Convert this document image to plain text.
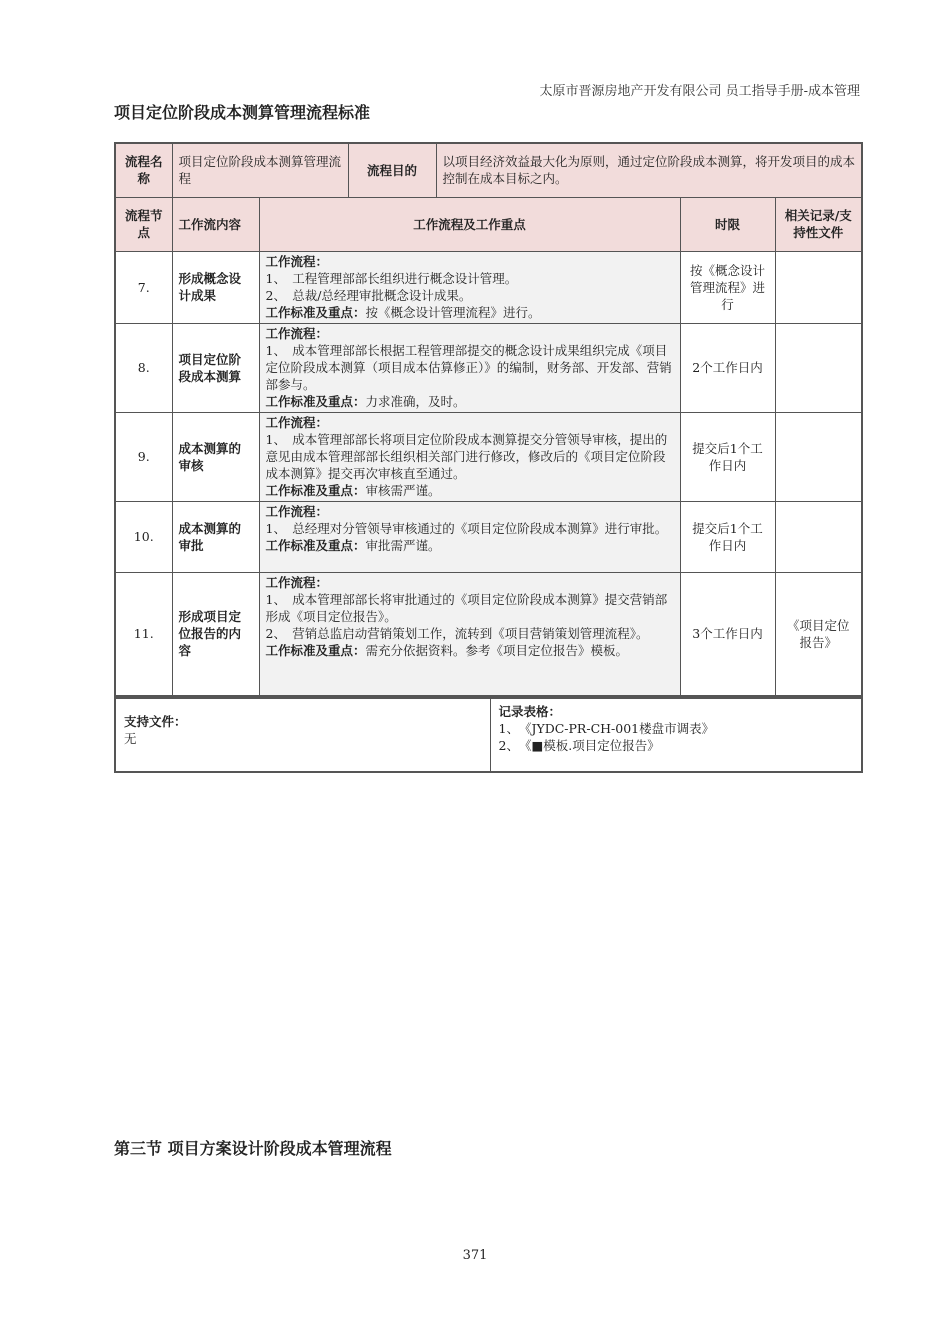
太原市晋源房地产开发有限公司 员工指导手册-成本管理
项目定位阶段成本测算管理流程标准
流程名称	项目定位阶段成本测算管理流程		流程目的	以项目经济效益最大化为原则，通过定位阶段成本测算，将开发项目的成本控制在成本目标之内。		
流程节点	工作流内容	工作流程及工作重点			时限	相关记录/支持性文件
7.	形成概念设计成果	工作流程：
1、　工程管理部部长组织进行概念设计管理。
2、　总裁/总经理审批概念设计成果。
工作标准及重点：按《概念设计管理流程》进行。			按《概念设计管理流程》进行	
8.	项目定位阶段成本测算	工作流程：
1、　成本管理部部长根据工程管理部提交的概念设计成果组织完成《项目定位阶段成本测算（项目成本估算修正）》的编制，财务部、开发部、营销部参与。
工作标准及重点：力求准确，及时。			2个工作日内	
9.	成本测算的审核	工作流程：
1、　成本管理部部长将项目定位阶段成本测算提交分管领导审核，提出的意见由成本管理部部长组织相关部门进行修改，修改后的《项目定位阶段成本测算》提交再次审核直至通过。
工作标准及重点：审核需严谨。			提交后1个工作日内	
10.	成本测算的审批	工作流程：
1、　总经理对分管领导审核通过的《项目定位阶段成本测算》进行审批。
工作标准及重点：审批需严谨。			提交后1个工作日内	
11.	形成项目定位报告的内容	工作流程：
1、　成本管理部部长将审批通过的《项目定位阶段成本测算》提交营销部形成《项目定位报告》。
2、　营销总监启动营销策划工作，流转到《项目营销策划管理流程》。
工作标准及重点：需充分依据资料。参考《项目定位报告》模板。			3个工作日内	《项目定位报告》
支持文件：
无

记录表格：
1、　《JYDC-PR-CH-001楼盘市调表》
2、　《■模板.项目定位报告》
第三节 项目方案设计阶段成本管理流程
371
